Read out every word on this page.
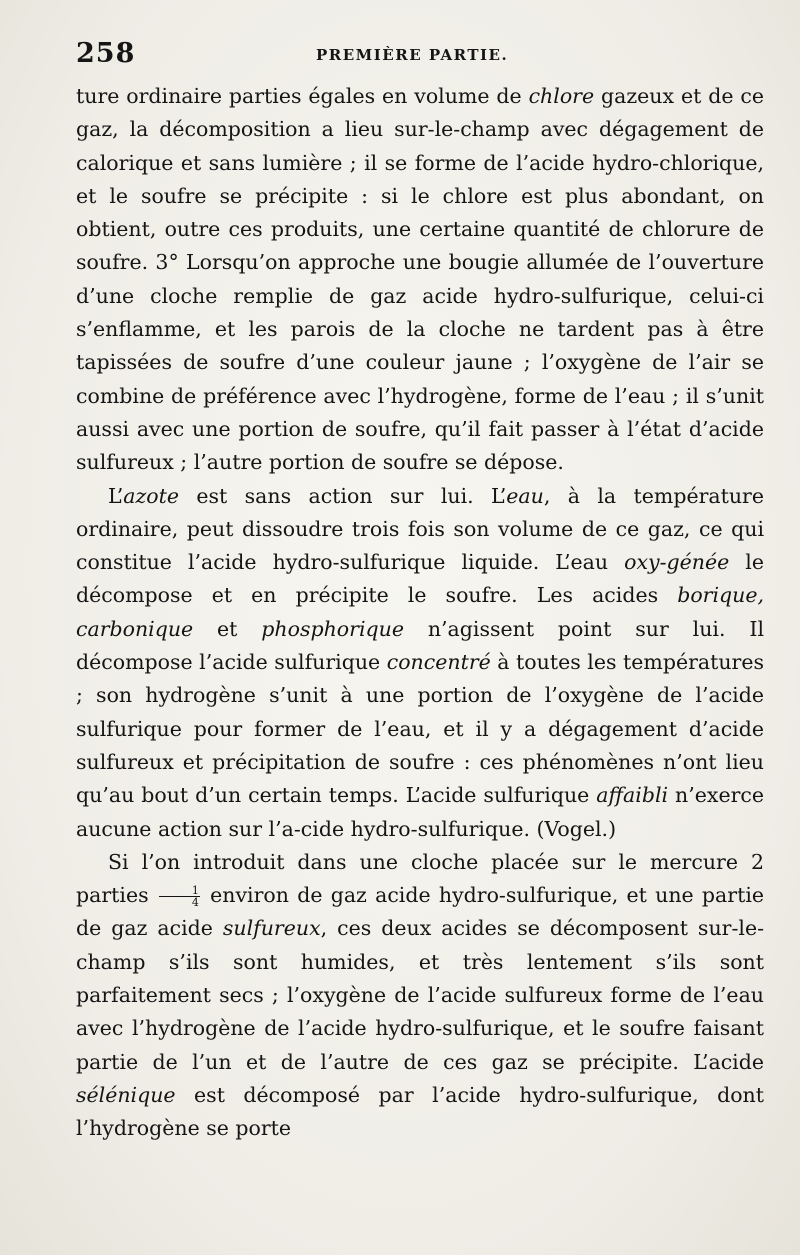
258	PREMIÈRE PARTIE.

ture ordinaire parties égales en volume de chlore gazeux et de ce gaz, la décomposition a lieu sur-le-champ avec dégagement de calorique et sans lumière ; il se forme de l’acide hydro-chlorique, et le soufre se précipite : si le chlore est plus abondant, on obtient, outre ces produits, une certaine quantité de chlorure de soufre. 3° Lorsqu’on approche une bougie allumée de l’ouverture d’une cloche remplie de gaz acide hydro-sulfurique, celui-ci s’enflamme, et les parois de la cloche ne tardent pas à être tapissées de soufre d’une couleur jaune ; l’oxygène de l’air se combine de préférence avec l’hydrogène, forme de l’eau ; il s’unit aussi avec une portion de soufre, qu’il fait passer à l’état d’acide sulfureux ; l’autre portion de soufre se dépose.

L’azote est sans action sur lui. L’eau, à la température ordinaire, peut dissoudre trois fois son volume de ce gaz, ce qui constitue l’acide hydro-sulfurique liquide. L’eau oxy-génée le décompose et en précipite le soufre. Les acides borique, carbonique et phosphorique n’agissent point sur lui. Il décompose l’acide sulfurique concentré à toutes les températures ; son hydrogène s’unit à une portion de l’oxygène de l’acide sulfurique pour former de l’eau, et il y a dégagement d’acide sulfureux et précipitation de soufre : ces phénomènes n’ont lieu qu’au bout d’un certain temps. L’acide sulfurique affaibli n’exerce aucune action sur l’a-cide hydro-sulfurique. (Vogel.)

Si l’on introduit dans une cloche placée sur le mercure 2 parties $\frac{1}{4}$ environ de gaz acide hydro-sulfurique, et une partie de gaz acide sulfureux, ces deux acides se décomposent sur-le-champ s’ils sont humides, et très lentement s’ils sont parfaitement secs ; l’oxygène de l’acide sulfureux forme de l’eau avec l’hydrogène de l’acide hydro-sulfurique, et le soufre faisant partie de l’un et de l’autre de ces gaz se précipite. L’acide sélénique est décomposé par l’acide hydro-sulfurique, dont l’hydrogène se porte
